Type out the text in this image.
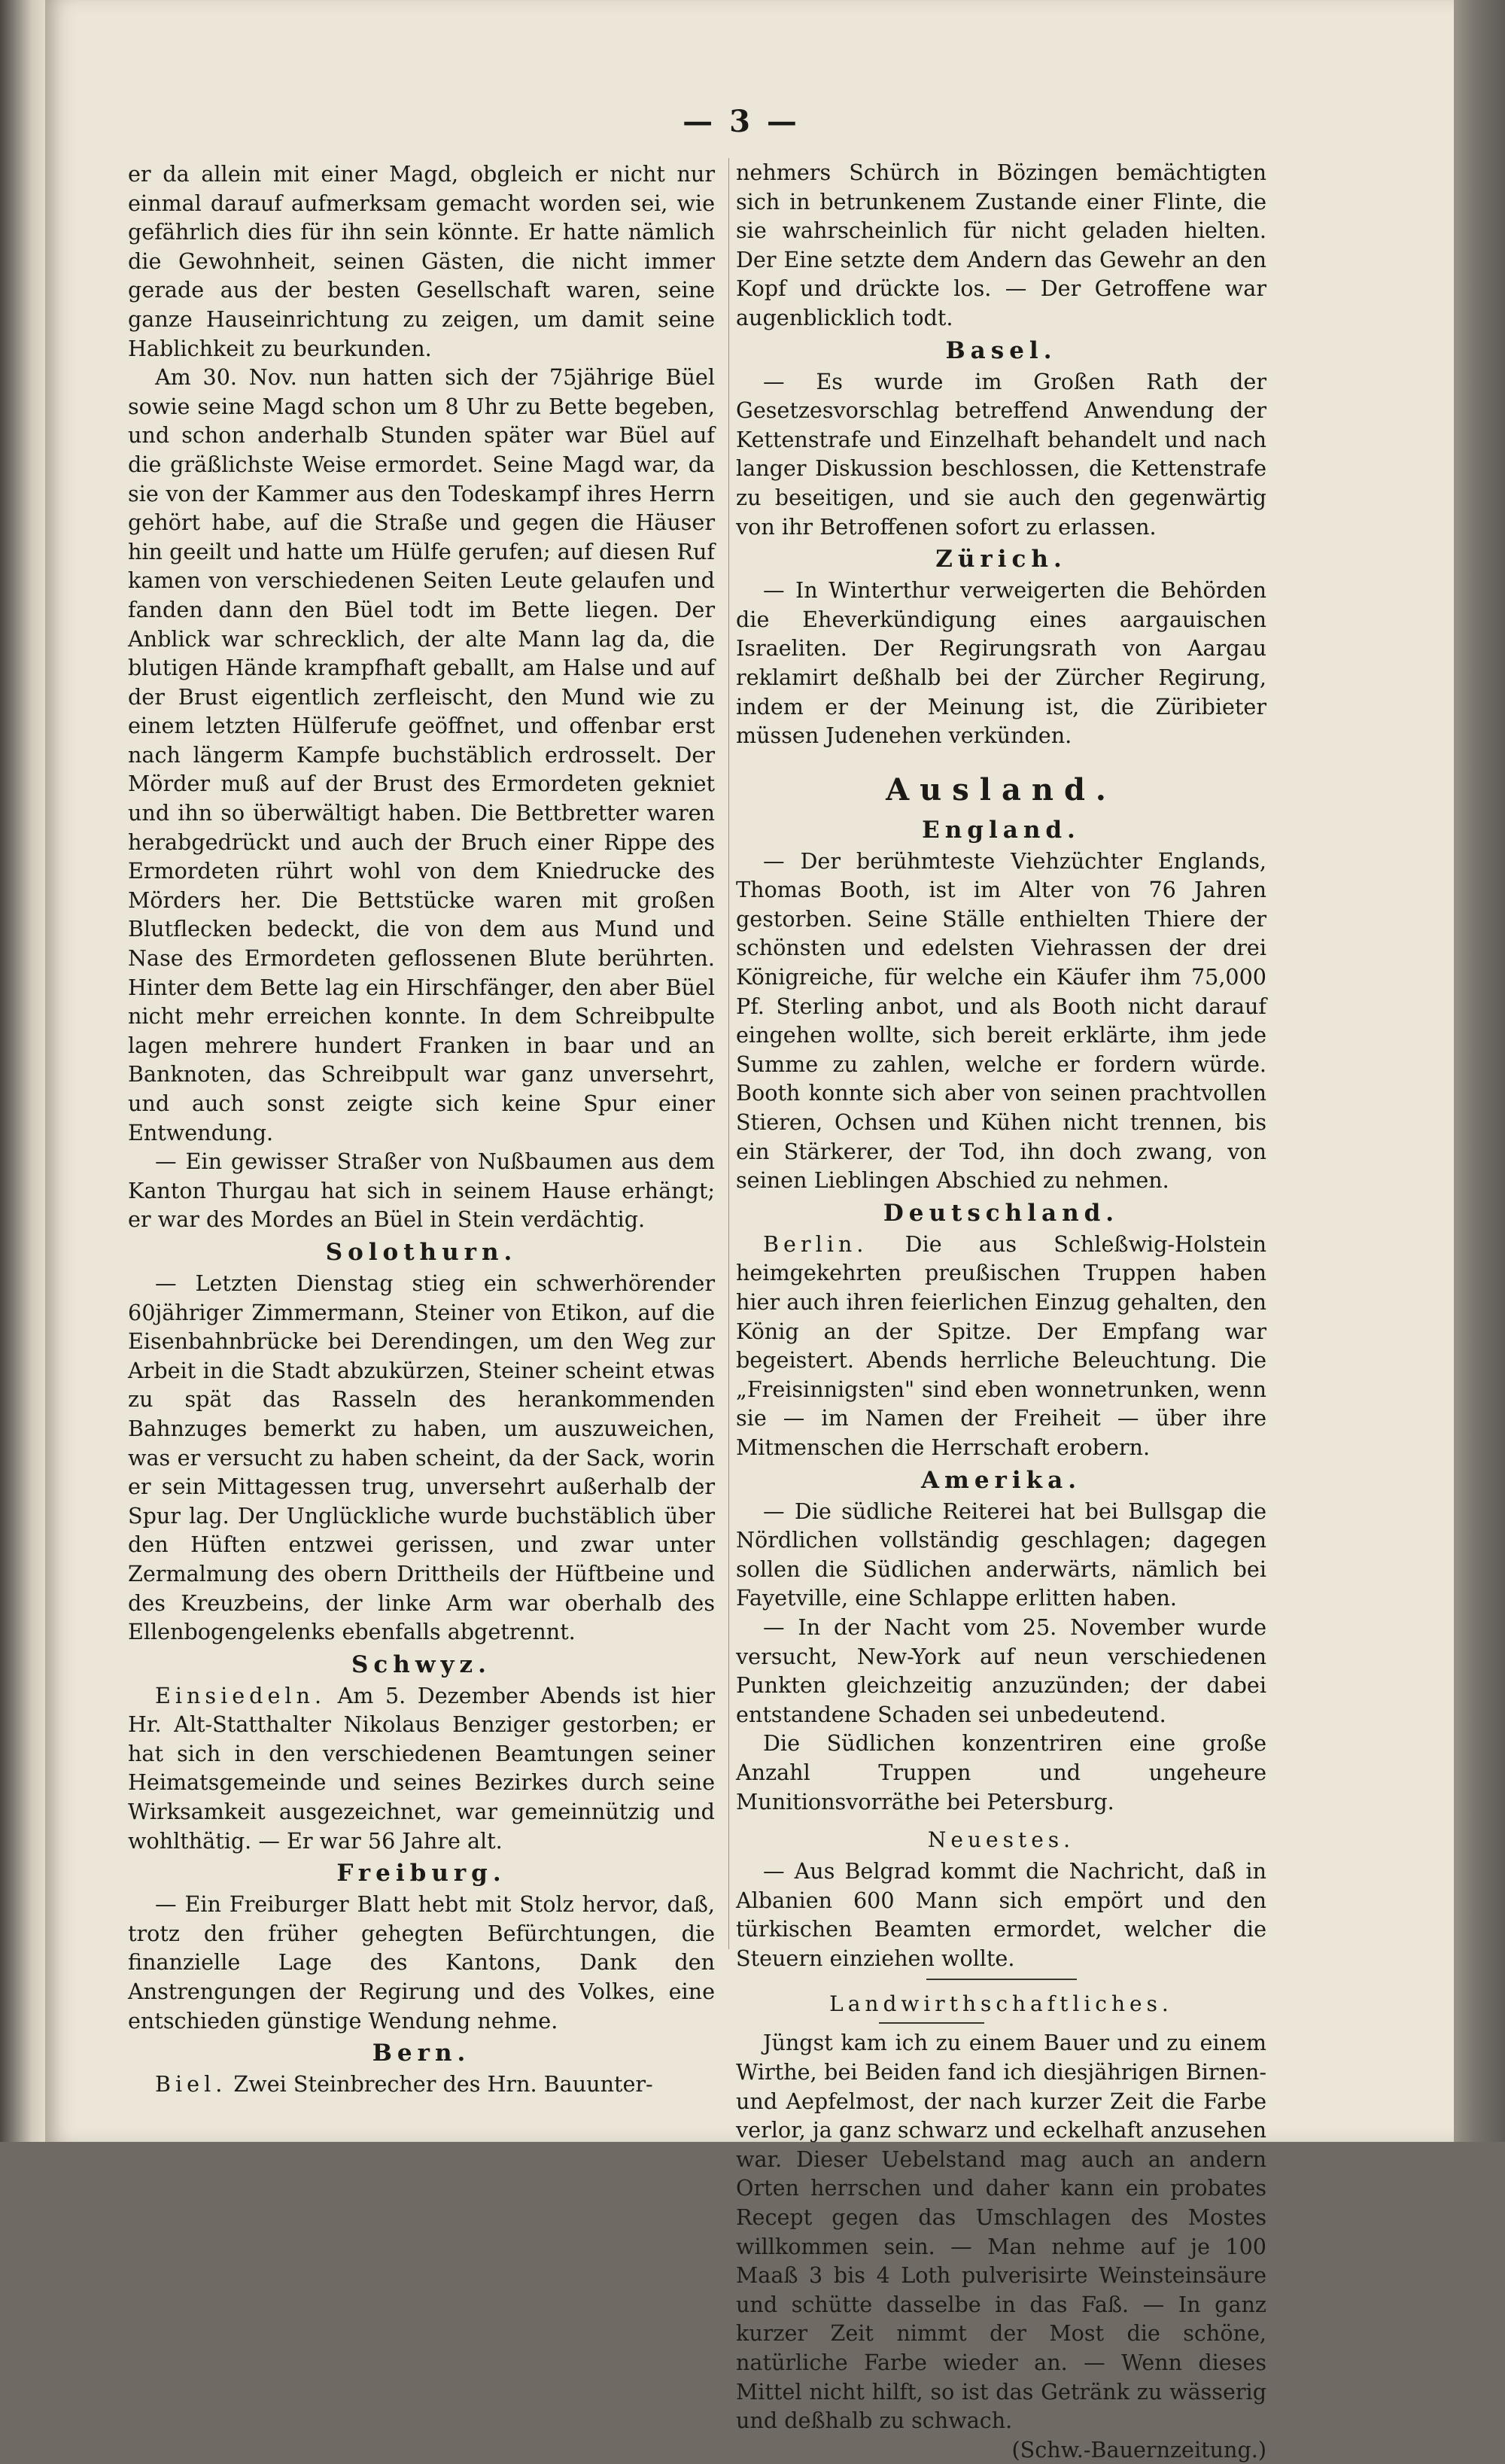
— 3 —

er da allein mit einer Magd, obgleich er nicht nur einmal darauf aufmerksam gemacht worden sei, wie gefährlich dies für ihn sein könnte. Er hatte nämlich die Gewohnheit, seinen Gästen, die nicht immer gerade aus der besten Gesellschaft waren, seine ganze Hauseinrichtung zu zeigen, um damit seine Hablichkeit zu beurkunden.

Am 30. Nov. nun hatten sich der 75jährige Büel sowie seine Magd schon um 8 Uhr zu Bette begeben, und schon anderhalb Stunden später war Büel auf die gräßlichste Weise ermordet. Seine Magd war, da sie von der Kammer aus den Todeskampf ihres Herrn gehört habe, auf die Straße und gegen die Häuser hin geeilt und hatte um Hülfe gerufen; auf diesen Ruf kamen von verschiedenen Seiten Leute gelaufen und fanden dann den Büel todt im Bette liegen. Der Anblick war schrecklich, der alte Mann lag da, die blutigen Hände krampfhaft geballt, am Halse und auf der Brust eigentlich zerfleischt, den Mund wie zu einem letzten Hülferufe geöffnet, und offenbar erst nach längerm Kampfe buchstäblich erdrosselt. Der Mörder muß auf der Brust des Ermordeten gekniet und ihn so überwältigt haben. Die Bettbretter waren herabgedrückt und auch der Bruch einer Rippe des Ermordeten rührt wohl von dem Kniedrucke des Mörders her. Die Bettstücke waren mit großen Blutflecken bedeckt, die von dem aus Mund und Nase des Ermordeten geflossenen Blute berührten. Hinter dem Bette lag ein Hirschfänger, den aber Büel nicht mehr erreichen konnte. In dem Schreibpulte lagen mehrere hundert Franken in baar und an Banknoten, das Schreibpult war ganz unversehrt, und auch sonst zeigte sich keine Spur einer Entwendung.

— Ein gewisser Straßer von Nußbaumen aus dem Kanton Thurgau hat sich in seinem Hause erhängt; er war des Mordes an Büel in Stein verdächtig.

Solothurn.

— Letzten Dienstag stieg ein schwerhörender 60jähriger Zimmermann, Steiner von Etikon, auf die Eisenbahnbrücke bei Derendingen, um den Weg zur Arbeit in die Stadt abzukürzen, Steiner scheint etwas zu spät das Rasseln des herankommenden Bahnzuges bemerkt zu haben, um auszuweichen, was er versucht zu haben scheint, da der Sack, worin er sein Mittagessen trug, unversehrt außerhalb der Spur lag. Der Unglückliche wurde buchstäblich über den Hüften entzwei gerissen, und zwar unter Zermalmung des obern Drittheils der Hüftbeine und des Kreuzbeins, der linke Arm war oberhalb des Ellenbogengelenks ebenfalls abgetrennt.

Schwyz.

Einsiedeln. Am 5. Dezember Abends ist hier Hr. Alt-Statthalter Nikolaus Benziger gestorben; er hat sich in den verschiedenen Beamtungen seiner Heimatsgemeinde und seines Bezirkes durch seine Wirksamkeit ausgezeichnet, war gemeinnützig und wohlthätig. — Er war 56 Jahre alt.

Freiburg.

— Ein Freiburger Blatt hebt mit Stolz hervor, daß, trotz den früher gehegten Befürchtungen, die finanzielle Lage des Kantons, Dank den Anstrengungen der Regirung und des Volkes, eine entschieden günstige Wendung nehme.

Bern.

Biel. Zwei Steinbrecher des Hrn. Bauunter-

nehmers Schürch in Bözingen bemächtigten sich in betrunkenem Zustande einer Flinte, die sie wahrscheinlich für nicht geladen hielten. Der Eine setzte dem Andern das Gewehr an den Kopf und drückte los. — Der Getroffene war augenblicklich todt.

Basel.

— Es wurde im Großen Rath der Gesetzesvorschlag betreffend Anwendung der Kettenstrafe und Einzelhaft behandelt und nach langer Diskussion beschlossen, die Kettenstrafe zu beseitigen, und sie auch den gegenwärtig von ihr Betroffenen sofort zu erlassen.

Zürich.

— In Winterthur verweigerten die Behörden die Eheverkündigung eines aargauischen Israeliten. Der Regirungsrath von Aargau reklamirt deßhalb bei der Zürcher Regirung, indem er der Meinung ist, die Züribieter müssen Judenehen verkünden.

Ausland.
England.

— Der berühmteste Viehzüchter Englands, Thomas Booth, ist im Alter von 76 Jahren gestorben. Seine Ställe enthielten Thiere der schönsten und edelsten Viehrassen der drei Königreiche, für welche ein Käufer ihm 75,000 Pf. Sterling anbot, und als Booth nicht darauf eingehen wollte, sich bereit erklärte, ihm jede Summe zu zahlen, welche er fordern würde. Booth konnte sich aber von seinen prachtvollen Stieren, Ochsen und Kühen nicht trennen, bis ein Stärkerer, der Tod, ihn doch zwang, von seinen Lieblingen Abschied zu nehmen.

Deutschland.

Berlin. Die aus Schleßwig-Holstein heimgekehrten preußischen Truppen haben hier auch ihren feierlichen Einzug gehalten, den König an der Spitze. Der Empfang war begeistert. Abends herrliche Beleuchtung. Die „Freisinnigsten" sind eben wonnetrunken, wenn sie — im Namen der Freiheit — über ihre Mitmenschen die Herrschaft erobern.

Amerika.

— Die südliche Reiterei hat bei Bullsgap die Nördlichen vollständig geschlagen; dagegen sollen die Südlichen anderwärts, nämlich bei Fayetville, eine Schlappe erlitten haben.

— In der Nacht vom 25. November wurde versucht, New-York auf neun verschiedenen Punkten gleichzeitig anzuzünden; der dabei entstandene Schaden sei unbedeutend.

Die Südlichen konzentriren eine große Anzahl Truppen und ungeheure Munitionsvorräthe bei Petersburg.

Neuestes.

— Aus Belgrad kommt die Nachricht, daß in Albanien 600 Mann sich empört und den türkischen Beamten ermordet, welcher die Steuern einziehen wollte.

Landwirthschaftliches.

Jüngst kam ich zu einem Bauer und zu einem Wirthe, bei Beiden fand ich diesjährigen Birnen- und Aepfelmost, der nach kurzer Zeit die Farbe verlor, ja ganz schwarz und eckelhaft anzusehen war. Dieser Uebelstand mag auch an andern Orten herrschen und daher kann ein probates Recept gegen das Umschlagen des Mostes willkommen sein. — Man nehme auf je 100 Maaß 3 bis 4 Loth pulverisirte Weinsteinsäure und schütte dasselbe in das Faß. — In ganz kurzer Zeit nimmt der Most die schöne, natürliche Farbe wieder an. — Wenn dieses Mittel nicht hilft, so ist das Getränk zu wässerig und deßhalb zu schwach.

(Schw.-Bauernzeitung.)
